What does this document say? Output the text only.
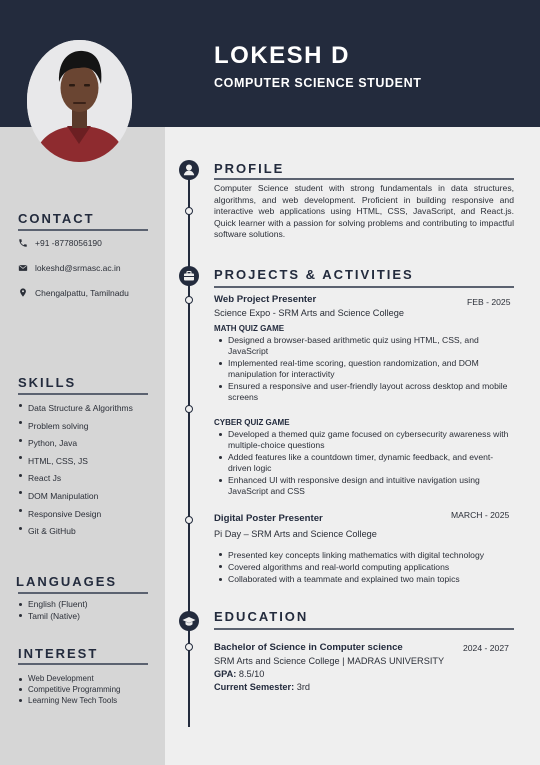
LOKESH D
COMPUTER SCIENCE STUDENT
CONTACT
+91 -8778056190
lokeshd@srmasc.ac.in
Chengalpattu, Tamilnadu
SKILLS
Data Structure & Algorithms
Problem solving
Python, Java
HTML, CSS, JS
React Js
DOM Manipulation
Responsive Design
Git & GitHub
LANGUAGES
English (Fluent)
Tamil (Native)
INTEREST
Web Development
Competitive Programming
Learning New Tech Tools
PROFILE
Computer Science student with strong fundamentals in data structures, algorithms, and web development. Proficient in building responsive and interactive web applications using HTML, CSS, JavaScript, and React.js. Quick learner with a passion for solving problems and contributing to impactful software solutions.
PROJECTS & ACTIVITIES
Web Project Presenter	FEB - 2025
Science Expo - SRM Arts and Science College
MATH QUIZ GAME
Designed a browser-based arithmetic quiz using HTML, CSS, and JavaScript
Implemented real-time scoring, question randomization, and DOM manipulation for interactivity
Ensured a responsive and user-friendly layout across desktop and mobile screens
CYBER QUIZ GAME
Developed a themed quiz game focused on cybersecurity awareness with multiple-choice questions
Added features like a countdown timer, dynamic feedback, and event-driven logic
Enhanced UI with responsive design and intuitive navigation using JavaScript and CSS
Digital Poster Presenter	MARCH - 2025
Pi Day – SRM Arts and Science College
Presented key concepts linking mathematics with digital technology
Covered algorithms and real-world computing applications
Collaborated with a teammate and explained two main topics
EDUCATION
Bachelor of Science in Computer science	2024 - 2027
SRM Arts and Science College | MADRAS UNIVERSITY
GPA: 8.5/10
Current Semester: 3rd
